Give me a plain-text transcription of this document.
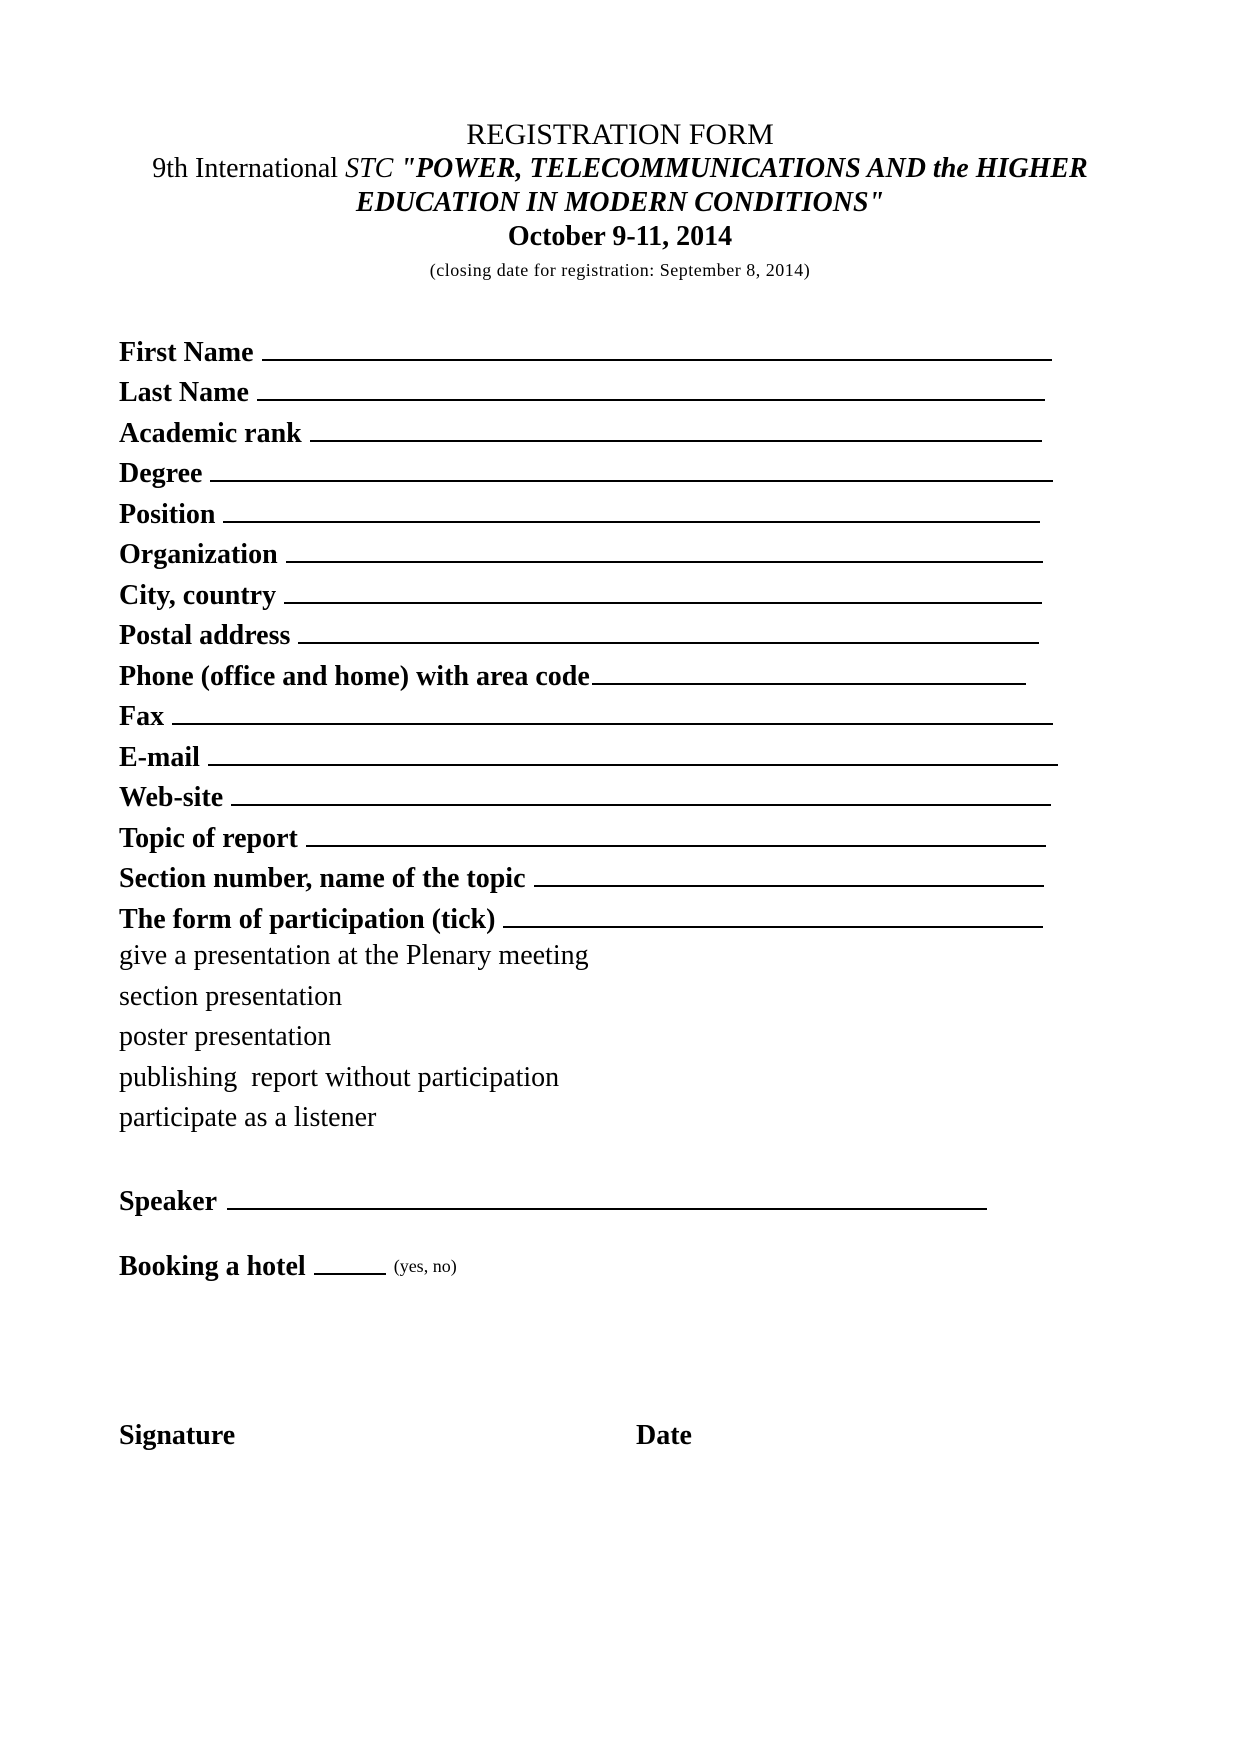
REGISTRATION FORM
9th International STC "POWER, TELECOMMUNICATIONS AND the HIGHER
EDUCATION IN MODERN CONDITIONS"
October 9-11, 2014
(closing date for registration: September 8, 2014)
First Name
Last Name
Academic rank
Degree
Position
Organization
City, country
Postal address
Phone (office and home) with area code
Fax
E-mail
Web-site
Topic of report
Section number, name of the topic
The form of participation (tick)
give a presentation at the Plenary meeting
section presentation
poster presentation
publishing  report without participation
participate as a listener
Speaker
Booking a hotel	(yes, no)
Signature	Date
